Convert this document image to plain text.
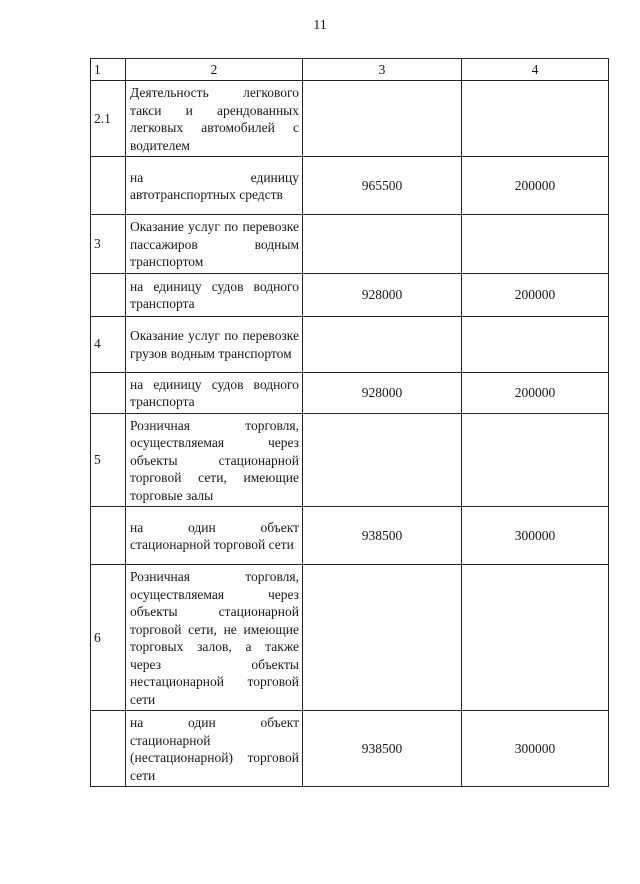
11
1	2	3	4
2.1	Деятельность легкового такси и арендованных легковых автомобилей с водителем		
	на единицу автотранспортных средств	965500	200000
3	Оказание услуг по перевозке пассажиров водным транспортом		
	на единицу судов водного транспорта	928000	200000
4	Оказание услуг по перевозке грузов водным транспортом		
	на единицу судов водного транспорта	928000	200000
5	Розничная торговля, осуществляемая через объекты стационарной торговой сети, имеющие торговые залы		
	на один объект стационарной торговой сети	938500	300000
6	Розничная торговля, осуществляемая через объекты стационарной торговой сети, не имеющие торговых залов, а также через объекты нестационарной торговой сети		
	на один объект стационарной (нестационарной) торговой сети	938500	300000
